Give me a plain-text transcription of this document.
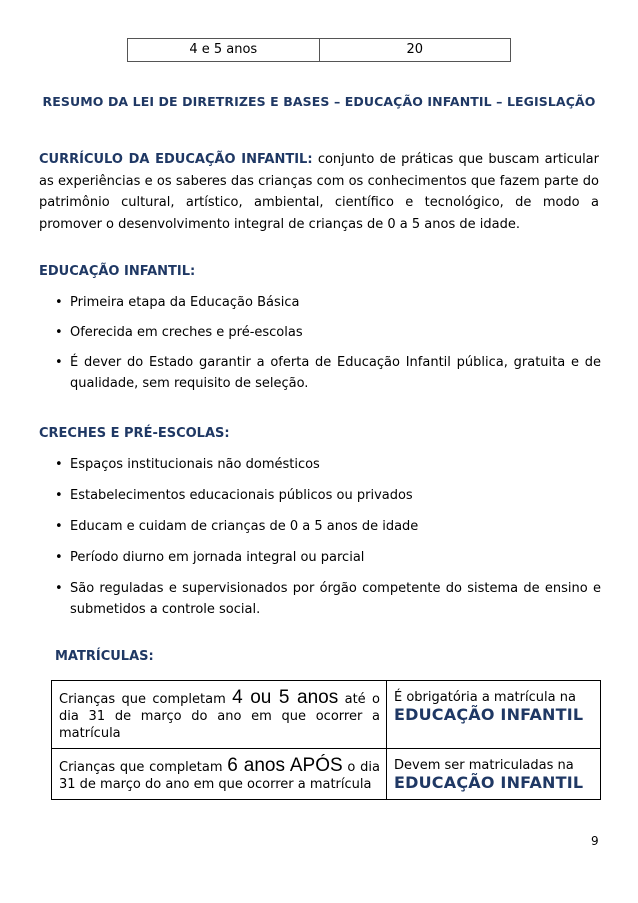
4 e 5 anos	20
RESUMO DA LEI DE DIRETRIZES E BASES – EDUCAÇÃO INFANTIL – LEGISLAÇÃO
CURRÍCULO DA EDUCAÇÃO INFANTIL: conjunto de práticas que buscam articular as experiências e os saberes das crianças com os conhecimentos que fazem parte do patrimônio cultural, artístico, ambiental, científico e tecnológico, de modo a promover o desenvolvimento integral de crianças de 0 a 5 anos de idade.
EDUCAÇÃO INFANTIL:
• Primeira etapa da Educação Básica
• Oferecida em creches e pré-escolas
• É dever do Estado garantir a oferta de Educação Infantil pública, gratuita e de qualidade, sem requisito de seleção.
CRECHES E PRÉ-ESCOLAS:
• Espaços institucionais não domésticos
• Estabelecimentos educacionais públicos ou privados
• Educam e cuidam de crianças de 0 a 5 anos de idade
• Período diurno em jornada integral ou parcial
• São reguladas e supervisionados por órgão competente do sistema de ensino e submetidos a controle social.
MATRÍCULAS:
Crianças que completam 4 ou 5 anos até o dia 31 de março do ano em que ocorrer a matrícula
É obrigatória a matrícula na
EDUCAÇÃO INFANTIL
Crianças que completam 6 anos APÓS o dia 31 de março do ano em que ocorrer a matrícula
Devem ser matriculadas na
EDUCAÇÃO INFANTIL
9
